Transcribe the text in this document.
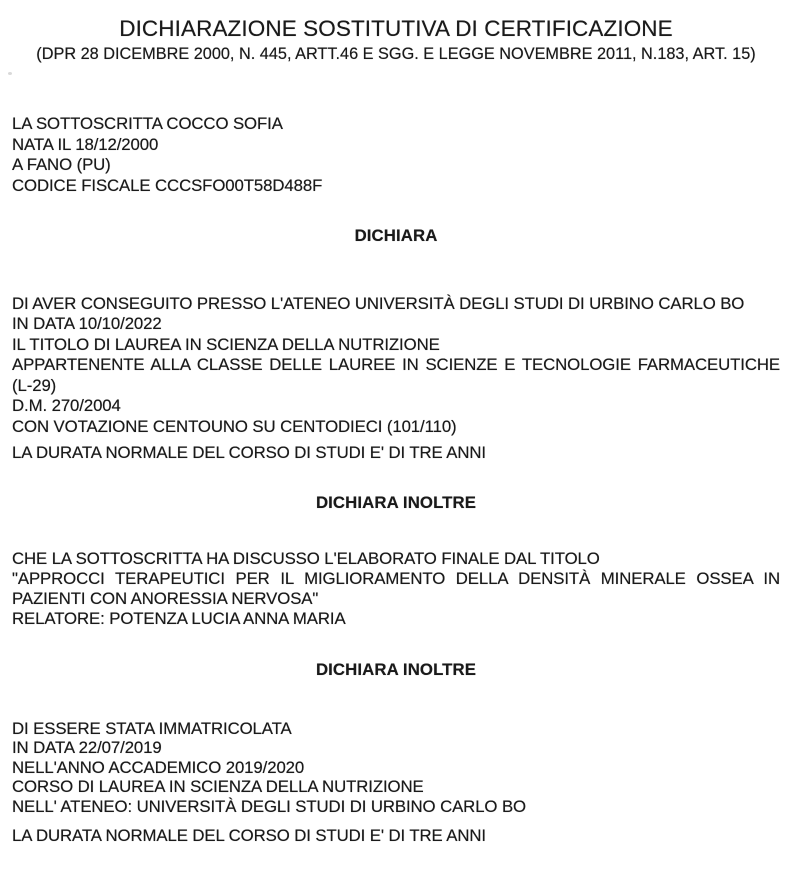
DICHIARAZIONE SOSTITUTIVA DI CERTIFICAZIONE
(DPR 28 DICEMBRE 2000, N. 445, ARTT.46 E SGG. E LEGGE NOVEMBRE 2011, N.183, ART. 15)
LA SOTTOSCRITTA COCCO SOFIA
NATA IL 18/12/2000
A FANO (PU)
CODICE FISCALE CCCSFO00T58D488F
DICHIARA
DI AVER CONSEGUITO PRESSO L'ATENEO UNIVERSITÀ DEGLI STUDI DI URBINO CARLO BO
IN DATA 10/10/2022
IL TITOLO DI LAUREA IN SCIENZA DELLA NUTRIZIONE
APPARTENENTE ALLA CLASSE DELLE LAUREE IN SCIENZE E TECNOLOGIE FARMACEUTICHE
(L-29)
D.M. 270/2004
CON VOTAZIONE CENTOUNO SU CENTODIECI (101/110)
LA DURATA NORMALE DEL CORSO DI STUDI E' DI TRE ANNI
DICHIARA INOLTRE
CHE LA SOTTOSCRITTA HA DISCUSSO L'ELABORATO FINALE DAL TITOLO
"APPROCCI TERAPEUTICI PER IL MIGLIORAMENTO DELLA DENSITÀ MINERALE OSSEA IN
PAZIENTI CON ANORESSIA NERVOSA"
RELATORE: POTENZA LUCIA ANNA MARIA
DICHIARA INOLTRE
DI ESSERE STATA IMMATRICOLATA
IN DATA 22/07/2019
NELL'ANNO ACCADEMICO 2019/2020
CORSO DI LAUREA IN SCIENZA DELLA NUTRIZIONE
NELL' ATENEO: UNIVERSITÀ DEGLI STUDI DI URBINO CARLO BO
LA DURATA NORMALE DEL CORSO DI STUDI E' DI TRE ANNI
